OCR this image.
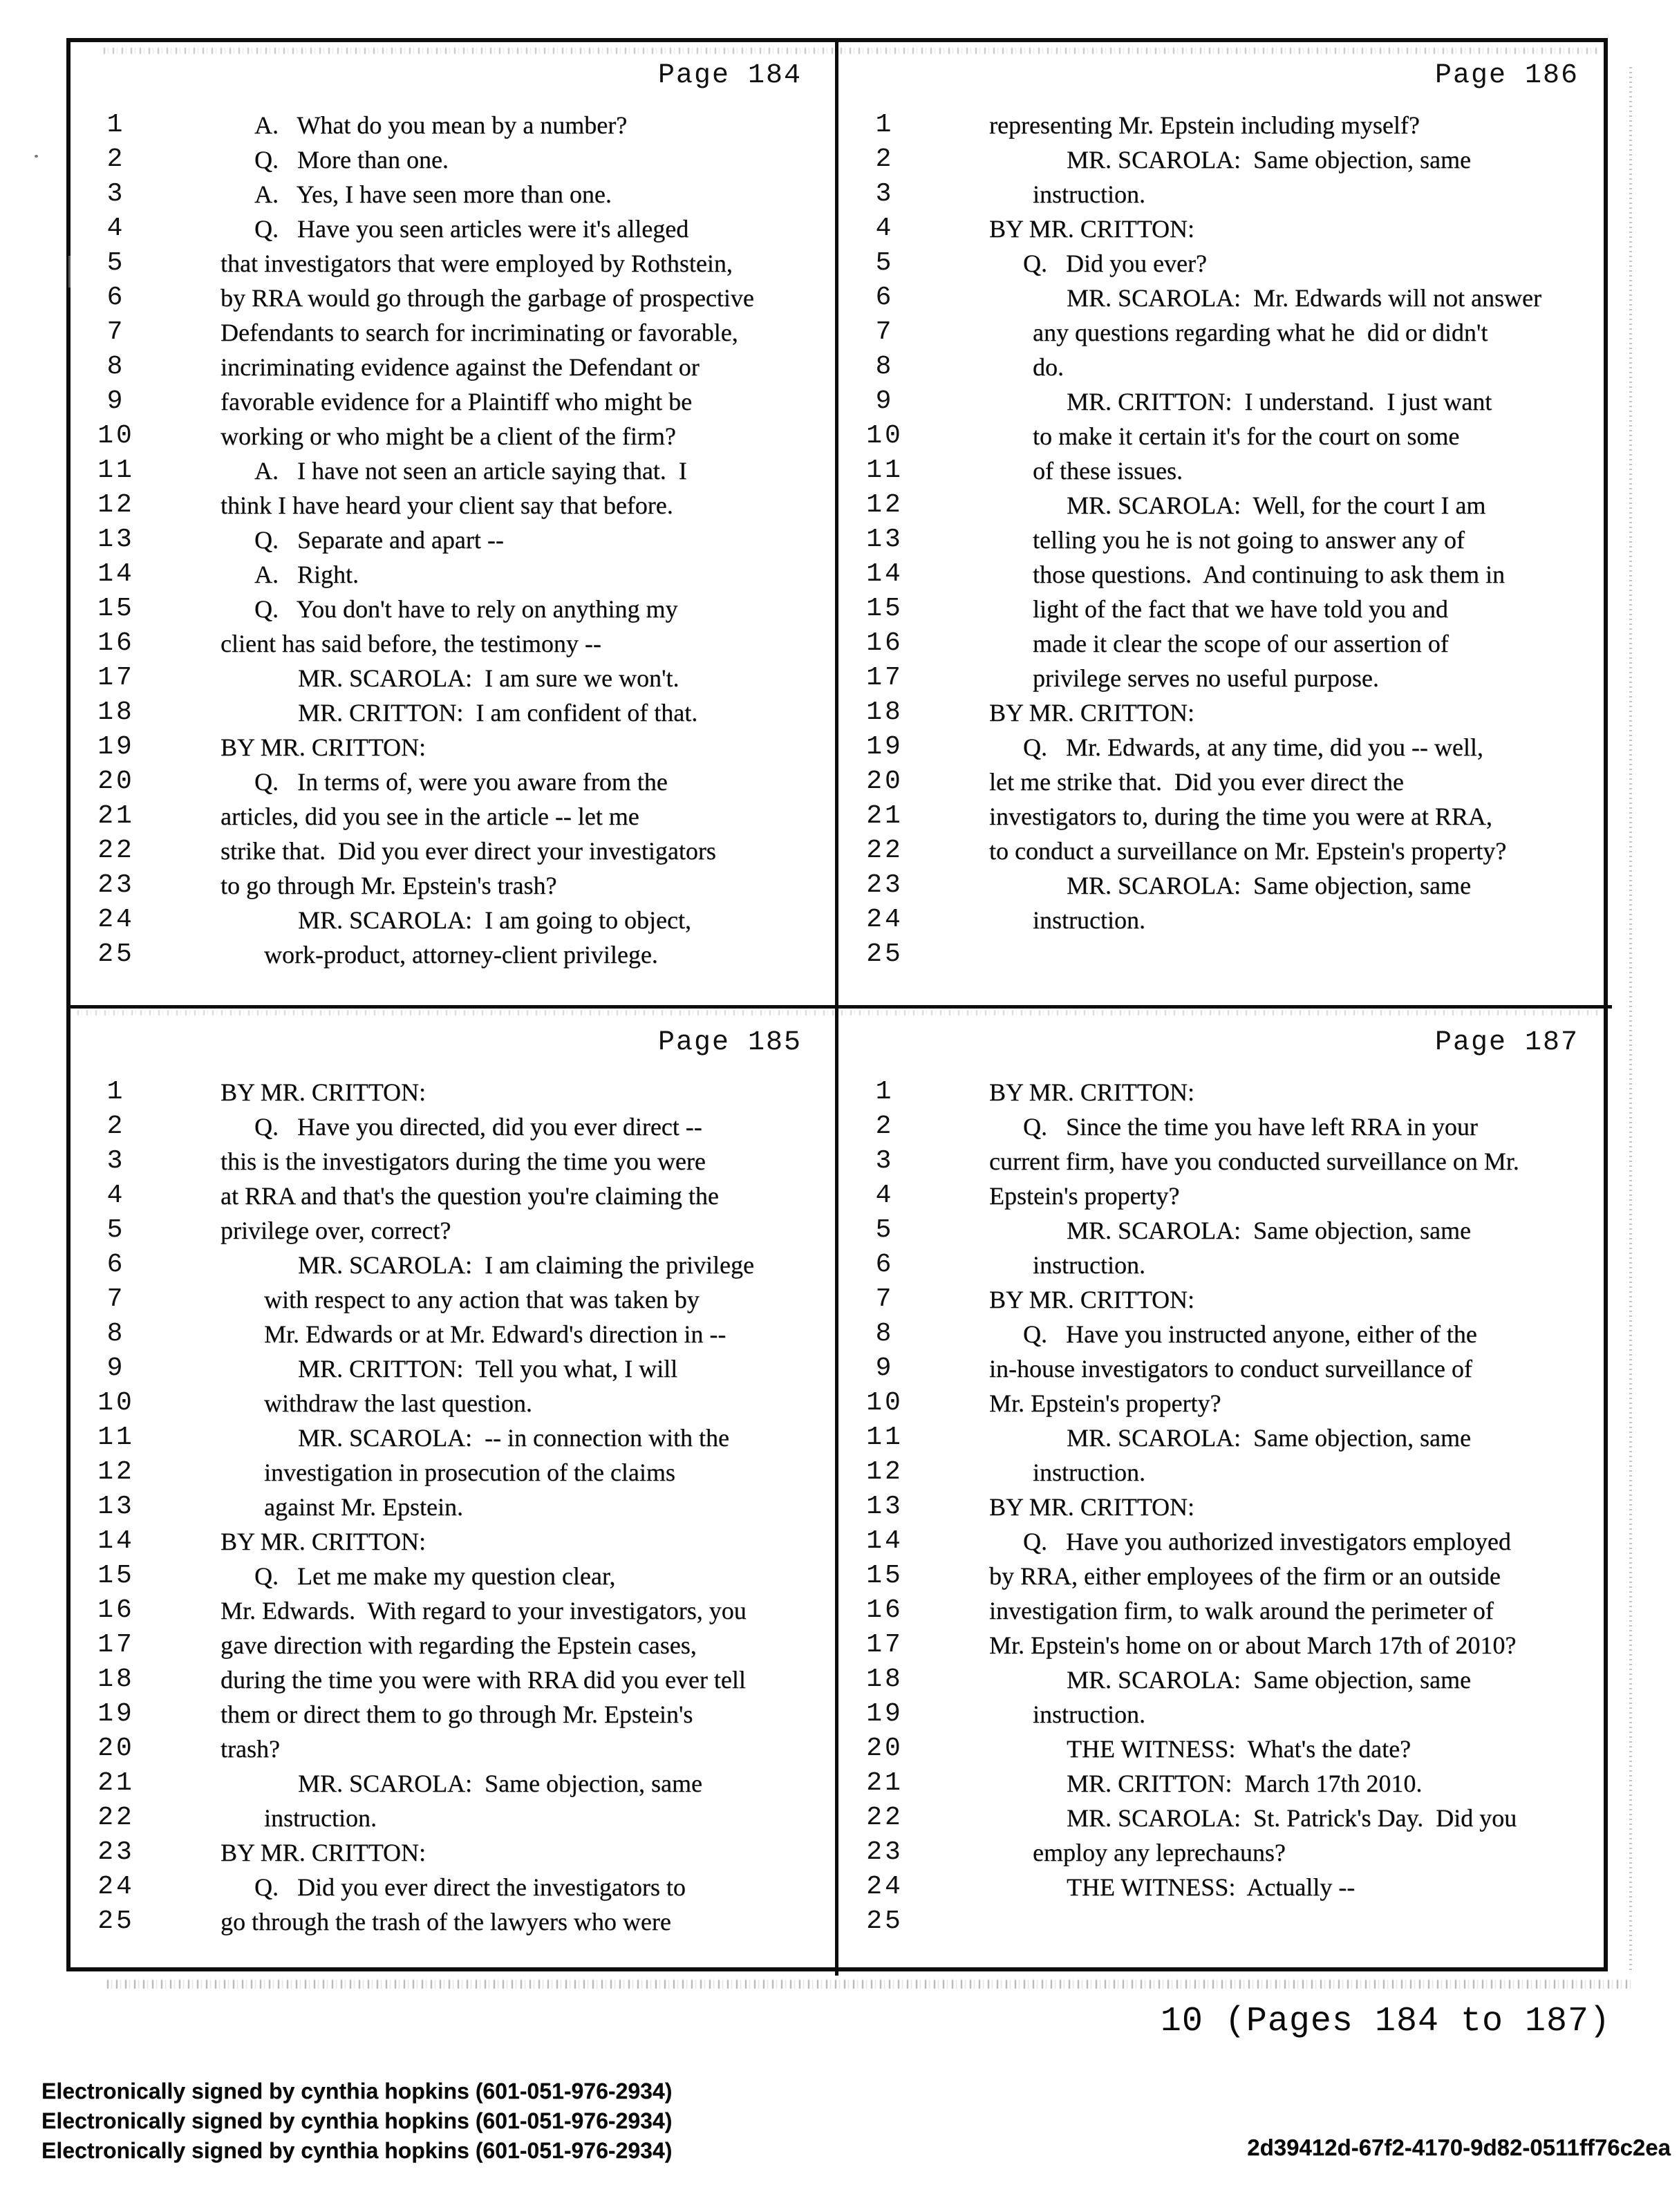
Page 184
1	A.   What do you mean by a number?
2	Q.   More than one.
3	A.   Yes, I have seen more than one.
4	Q.   Have you seen articles were it's alleged
5	that investigators that were employed by Rothstein,
6	by RRA would go through the garbage of prospective
7	Defendants to search for incriminating or favorable,
8	incriminating evidence against the Defendant or
9	favorable evidence for a Plaintiff who might be
10	working or who might be a client of the firm?
11	A.   I have not seen an article saying that.  I
12	think I have heard your client say that before.
13	Q.   Separate and apart --
14	A.   Right.
15	Q.   You don't have to rely on anything my
16	client has said before, the testimony --
17	MR. SCAROLA:  I am sure we won't.
18	MR. CRITTON:  I am confident of that.
19	BY MR. CRITTON:
20	Q.   In terms of, were you aware from the
21	articles, did you see in the article -- let me
22	strike that.  Did you ever direct your investigators
23	to go through Mr. Epstein's trash?
24	MR. SCAROLA:  I am going to object,
25	work-product, attorney-client privilege.
Page 186
1	representing Mr. Epstein including myself?
2	MR. SCAROLA:  Same objection, same
3	instruction.
4	BY MR. CRITTON:
5	Q.   Did you ever?
6	MR. SCAROLA:  Mr. Edwards will not answer
7	any questions regarding what he  did or didn't
8	do.
9	MR. CRITTON:  I understand.  I just want
10	to make it certain it's for the court on some
11	of these issues.
12	MR. SCAROLA:  Well, for the court I am
13	telling you he is not going to answer any of
14	those questions.  And continuing to ask them in
15	light of the fact that we have told you and
16	made it clear the scope of our assertion of
17	privilege serves no useful purpose.
18	BY MR. CRITTON:
19	Q.   Mr. Edwards, at any time, did you -- well,
20	let me strike that.  Did you ever direct the
21	investigators to, during the time you were at RRA,
22	to conduct a surveillance on Mr. Epstein's property?
23	MR. SCAROLA:  Same objection, same
24	instruction.
25
Page 185
1	BY MR. CRITTON:
2	Q.   Have you directed, did you ever direct --
3	this is the investigators during the time you were
4	at RRA and that's the question you're claiming the
5	privilege over, correct?
6	MR. SCAROLA:  I am claiming the privilege
7	with respect to any action that was taken by
8	Mr. Edwards or at Mr. Edward's direction in --
9	MR. CRITTON:  Tell you what, I will
10	withdraw the last question.
11	MR. SCAROLA:  -- in connection with the
12	investigation in prosecution of the claims
13	against Mr. Epstein.
14	BY MR. CRITTON:
15	Q.   Let me make my question clear,
16	Mr. Edwards.  With regard to your investigators, you
17	gave direction with regarding the Epstein cases,
18	during the time you were with RRA did you ever tell
19	them or direct them to go through Mr. Epstein's
20	trash?
21	MR. SCAROLA:  Same objection, same
22	instruction.
23	BY MR. CRITTON:
24	Q.   Did you ever direct the investigators to
25	go through the trash of the lawyers who were
Page 187
1	BY MR. CRITTON:
2	Q.   Since the time you have left RRA in your
3	current firm, have you conducted surveillance on Mr.
4	Epstein's property?
5	MR. SCAROLA:  Same objection, same
6	instruction.
7	BY MR. CRITTON:
8	Q.   Have you instructed anyone, either of the
9	in-house investigators to conduct surveillance of
10	Mr. Epstein's property?
11	MR. SCAROLA:  Same objection, same
12	instruction.
13	BY MR. CRITTON:
14	Q.   Have you authorized investigators employed
15	by RRA, either employees of the firm or an outside
16	investigation firm, to walk around the perimeter of
17	Mr. Epstein's home on or about March 17th of 2010?
18	MR. SCAROLA:  Same objection, same
19	instruction.
20	THE WITNESS:  What's the date?
21	MR. CRITTON:  March 17th 2010.
22	MR. SCAROLA:  St. Patrick's Day.  Did you
23	employ any leprechauns?
24	THE WITNESS:  Actually --
25
10 (Pages 184 to 187)
Electronically signed by cynthia hopkins (601-051-976-2934)
Electronically signed by cynthia hopkins (601-051-976-2934)
Electronically signed by cynthia hopkins (601-051-976-2934)	2d39412d-67f2-4170-9d82-0511ff76c2ea
